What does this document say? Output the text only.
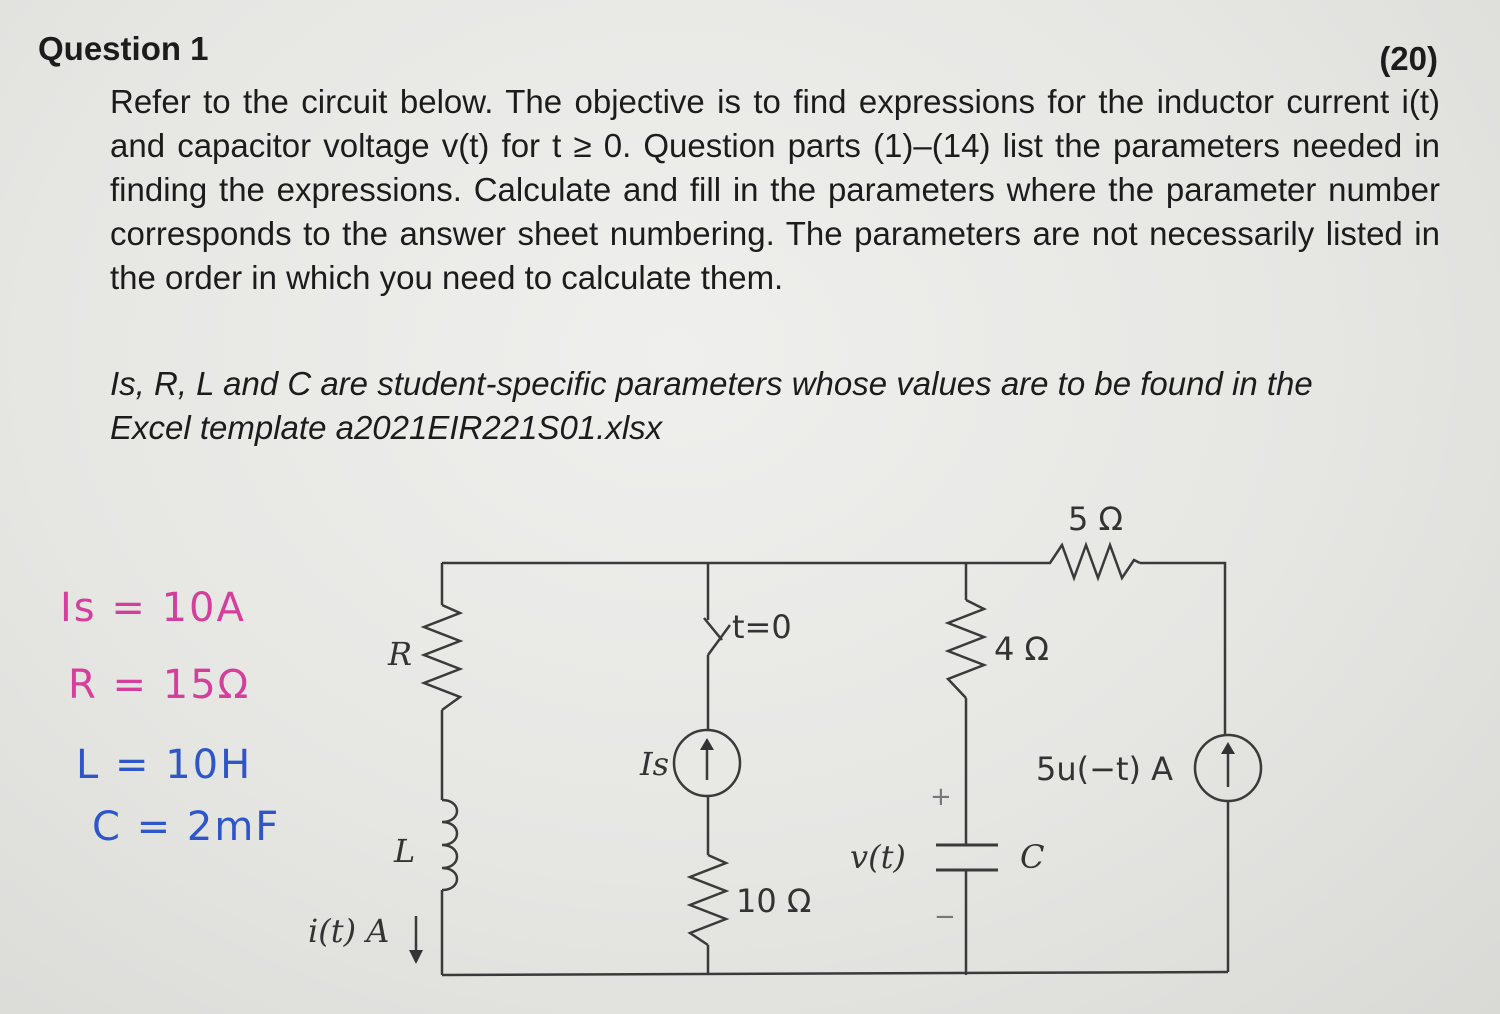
Question 1	(20)

Refer to the circuit below. The objective is to find expressions for the inductor current i(t) and capacitor voltage v(t) for t ≥ 0. Question parts (1)–(14) list the parameters needed in finding the expressions. Calculate and fill in the parameters where the parameter number corresponds to the answer sheet numbering. The parameters are not necessarily listed in the order in which you need to calculate them.

Is, R, L and C are student-specific parameters whose values are to be found in the
Excel template a2021EIR221S01.xlsx

Is = 10A
R = 15Ω
L = 10H
C = 2mF
R
L
i(t) A
t=0
Is
10 Ω
4 Ω
5 Ω
v(t)
+
−
C
5u(−t) A
